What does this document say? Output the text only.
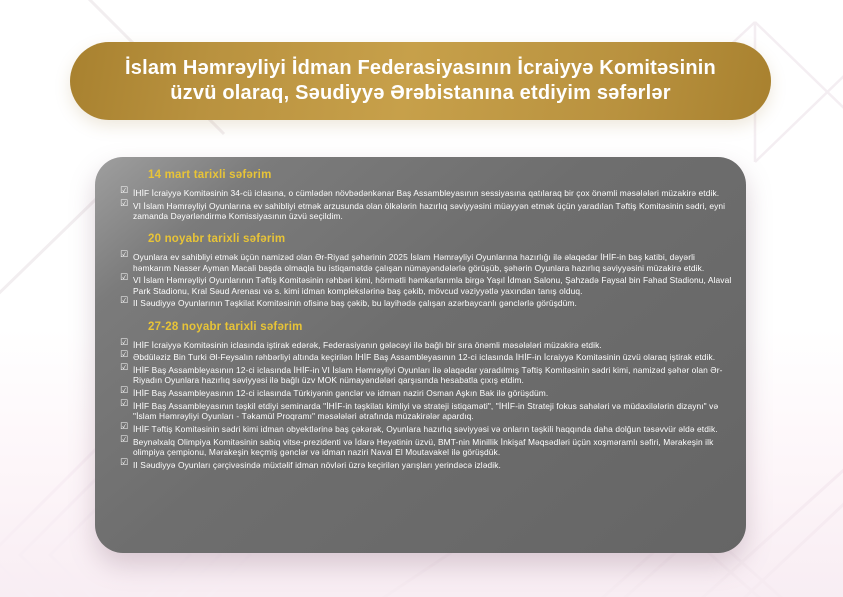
İslam Həmrəyliyi İdman Federasiyasının İcraiyyə Komitəsinin
üzvü olaraq, Səudiyyə Ərəbistanına etdiyim səfərlər
14 mart tarixli səfərim
☑ İHİF İcraiyyə Komitəsinin 34-cü iclasına, o cümlədən növbədənkənar Baş Assambleyasının sessiyasına qatılaraq bir çox önəmli məsələləri müzakirə etdik.
☑ VI İslam Həmrəyliyi Oyunlarına ev sahibliyi etmək arzusunda olan ölkələrin hazırlıq səviyyəsini müəyyən etmək üçün yaradılan Təftiş Komitəsinin sədri, eyni zamanda Dəyərləndirmə Komissiyasının üzvü seçildim.
20 noyabr tarixli səfərim
☑ Oyunlara ev sahibliyi etmək üçün namizəd olan Ər-Riyad şəhərinin 2025 İslam Həmrəyliyi Oyunlarına hazırlığı ilə əlaqədar İHİF-in baş katibi, dəyərli həmkarım Nasser Ayman Macali başda olmaqla bu istiqamətdə çalışan nümayəndələrlə görüşüb, şəhərin Oyunlara hazırlıq səviyyəsini müzakirə etdik.
☑ VI İslam Həmrəyliyi Oyunlarının Təftiş Komitəsinin rəhbəri kimi, hörmətli həmkarlarımla birgə Yaşıl İdman Salonu, Şahzadə Faysal bin Fahad Stadionu, Alaval Park Stadionu, Kral Səud Arenası və s. kimi idman komplekslərinə baş çəkib, mövcud vəziyyətlə yaxından tanış olduq.
☑ II Səudiyyə Oyunlarının Təşkilat Komitəsinin ofisinə baş çəkib, bu layihədə çalışan azərbaycanlı gənclərlə görüşdüm.
27-28 noyabr tarixli səfərim
☑ İHİF İcraiyyə Komitəsinin iclasında iştirak edərək, Federasiyanın gələcəyi ilə bağlı bir sıra önəmli məsələləri müzakirə etdik.
☑ Əbdüləziz Bin Turki Əl-Feysalın rəhbərliyi altında keçirilən İHİF Baş Assambleyasının 12-ci iclasında İHİF-in İcraiyyə Komitəsinin üzvü olaraq iştirak etdik.
☑ İHİF Baş Assambleyasının 12-ci iclasında İHİF-in VI İslam Həmrəyliyi Oyunları ilə əlaqədar yaradılmış Təftiş Komitəsinin sədri kimi, namizəd şəhər olan Ər-Riyadın Oyunlara hazırlıq səviyyəsi ilə bağlı üzv MOK nümayəndələri qarşısında hesabatla çıxış etdim.
☑ İHİF Baş Assambleyasının 12-ci iclasında Türkiyənin gənclər və idman naziri Osman Aşkın Bak ilə görüşdüm.
☑ İHİF Baş Assambleyasının təşkil etdiyi seminarda "İHİF-in təşkilatı kimliyi və strateji istiqaməti", "İHİF-in Strateji fokus sahələri və müdaxilələrin dizaynı" və "İslam Həmrəyliyi Oyunları - Təkamül Proqramı" məsələləri ətrafında müzakirələr apardıq.
☑ İHİF Təftiş Komitəsinin sədri kimi idman obyektlərinə baş çəkərək, Oyunlara hazırlıq səviyyəsi və onların təşkili haqqında daha dolğun təsəvvür əldə etdik.
☑ Beynəlxalq Olimpiya Komitəsinin sabiq vitse-prezidenti və İdarə Heyətinin üzvü, BMT-nin Minillik İnkişaf Məqsədləri üçün xoşməramlı səfiri, Mərakeşin ilk olimpiya çempionu, Mərakeşin keçmiş gənclər və idman naziri Naval El Moutavakel ilə görüşdük.
☑ II Səudiyyə Oyunları çərçivəsində müxtəlif idman növləri üzrə keçirilən yarışları yerindəcə izlədik.
